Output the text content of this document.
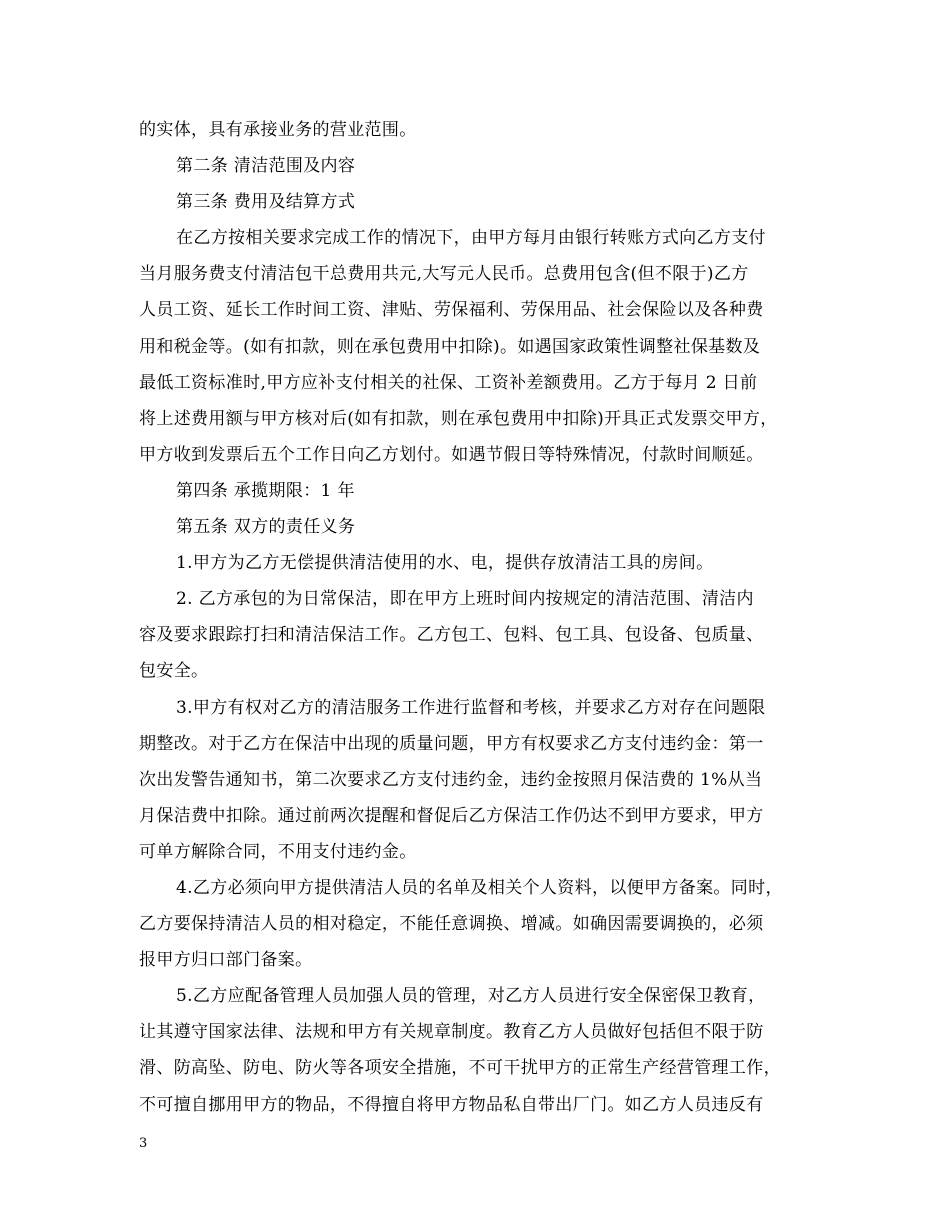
的实体，具有承接业务的营业范围。
第二条 清洁范围及内容
第三条 费用及结算方式
在乙方按相关要求完成工作的情况下，由甲方每月由银行转账方式向乙方支付
当月服务费支付清洁包干总费用共元,大写元人民币。总费用包含(但不限于)乙方
人员工资、延长工作时间工资、津贴、劳保福利、劳保用品、社会保险以及各种费
用和税金等。(如有扣款，则在承包费用中扣除)。如遇国家政策性调整社保基数及
最低工资标准时,甲方应补支付相关的社保、工资补差额费用。乙方于每月 2 日前
将上述费用额与甲方核对后(如有扣款，则在承包费用中扣除)开具正式发票交甲方，
甲方收到发票后五个工作日向乙方划付。如遇节假日等特殊情况，付款时间顺延。
第四条 承揽期限：1 年
第五条 双方的责任义务
1.甲方为乙方无偿提供清洁使用的水、电，提供存放清洁工具的房间。
2. 乙方承包的为日常保洁，即在甲方上班时间内按规定的清洁范围、清洁内
容及要求跟踪打扫和清洁保洁工作。乙方包工、包料、包工具、包设备、包质量、
包安全。
3.甲方有权对乙方的清洁服务工作进行监督和考核，并要求乙方对存在问题限
期整改。对于乙方在保洁中出现的质量问题，甲方有权要求乙方支付违约金：第一
次出发警告通知书，第二次要求乙方支付违约金，违约金按照月保洁费的 1%从当
月保洁费中扣除。通过前两次提醒和督促后乙方保洁工作仍达不到甲方要求，甲方
可单方解除合同，不用支付违约金。
4.乙方必须向甲方提供清洁人员的名单及相关个人资料，以便甲方备案。同时，
乙方要保持清洁人员的相对稳定，不能任意调换、增减。如确因需要调换的，必须
报甲方归口部门备案。
5.乙方应配备管理人员加强人员的管理，对乙方人员进行安全保密保卫教育，
让其遵守国家法律、法规和甲方有关规章制度。教育乙方人员做好包括但不限于防
滑、防高坠、防电、防火等各项安全措施，不可干扰甲方的正常生产经营管理工作，
不可擅自挪用甲方的物品，不得擅自将甲方物品私自带出厂门。如乙方人员违反有
3
